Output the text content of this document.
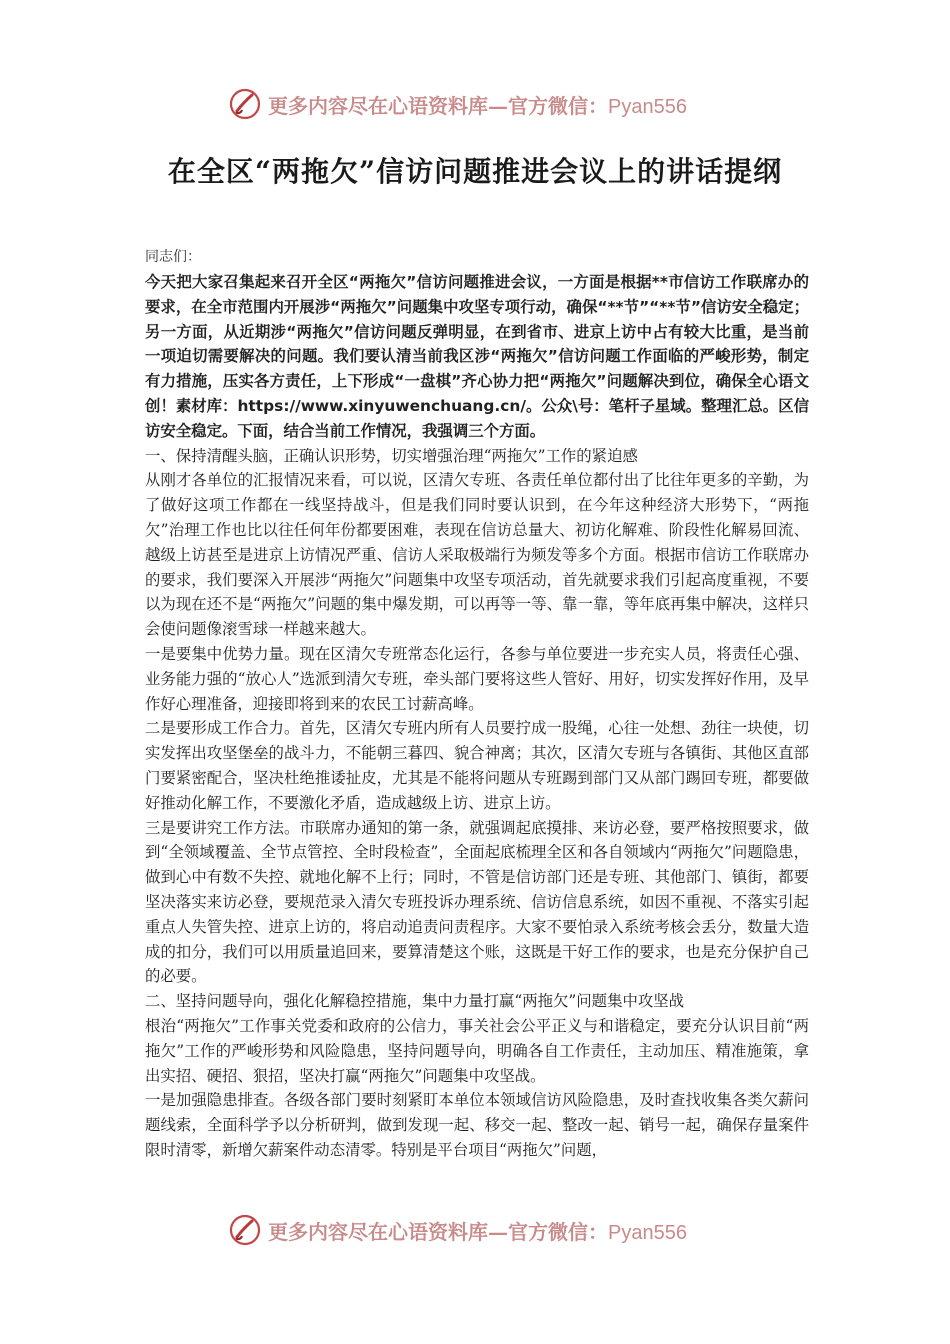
更多内容尽在心语资料库—官方微信：Pyan556
在全区“两拖欠”信访问题推进会议上的讲话提纲

同志们：

今天把大家召集起来召开全区“两拖欠”信访问题推进会议，一方面是根据**市信访工作联席办的要求，在全市范围内开展涉“两拖欠”问题集中攻坚专项行动，确保“**节”“**节”信访安全稳定；另一方面，从近期涉“两拖欠”信访问题反弹明显，在到省市、进京上访中占有较大比重，是当前一项迫切需要解决的问题。我们要认清当前我区涉“两拖欠”信访问题工作面临的严峻形势，制定有力措施，压实各方责任，上下形成“一盘棋”齐心协力把“两拖欠”问题解决到位，确保全心语文创！素材库：https://www.xinyuwenchuang.cn/。公众\号：笔杆子星域。整理汇总。区信访安全稳定。下面，结合当前工作情况，我强调三个方面。

一、保持清醒头脑，正确认识形势，切实增强治理“两拖欠”工作的紧迫感

从刚才各单位的汇报情况来看，可以说，区清欠专班、各责任单位都付出了比往年更多的辛勤，为了做好这项工作都在一线坚持战斗，但是我们同时要认识到，在今年这种经济大形势下，“两拖欠”治理工作也比以往任何年份都要困难，表现在信访总量大、初访化解难、阶段性化解易回流、越级上访甚至是进京上访情况严重、信访人采取极端行为频发等多个方面。根据市信访工作联席办的要求，我们要深入开展涉“两拖欠”问题集中攻坚专项活动，首先就要求我们引起高度重视，不要以为现在还不是“两拖欠”问题的集中爆发期，可以再等一等、靠一靠，等年底再集中解决，这样只会使问题像滚雪球一样越来越大。

一是要集中优势力量。现在区清欠专班常态化运行，各参与单位要进一步充实人员，将责任心强、业务能力强的“放心人”选派到清欠专班，牵头部门要将这些人管好、用好，切实发挥好作用，及早作好心理准备，迎接即将到来的农民工讨薪高峰。

二是要形成工作合力。首先，区清欠专班内所有人员要拧成一股绳，心往一处想、劲往一块使，切实发挥出攻坚堡垒的战斗力，不能朝三暮四、貌合神离；其次，区清欠专班与各镇街、其他区直部门要紧密配合，坚决杜绝推诿扯皮，尤其是不能将问题从专班踢到部门又从部门踢回专班，都要做好推动化解工作，不要激化矛盾，造成越级上访、进京上访。

三是要讲究工作方法。市联席办通知的第一条，就强调起底摸排、来访必登，要严格按照要求，做到“全领域覆盖、全节点管控、全时段检查”，全面起底梳理全区和各自领域内“两拖欠”问题隐患，做到心中有数不失控、就地化解不上行；同时，不管是信访部门还是专班、其他部门、镇街，都要坚决落实来访必登，要规范录入清欠专班投诉办理系统、信访信息系统，如因不重视、不落实引起重点人失管失控、进京上访的，将启动追责问责程序。大家不要怕录入系统考核会丢分，数量大造成的扣分，我们可以用质量追回来，要算清楚这个账，这既是干好工作的要求，也是充分保护自己的必要。

二、坚持问题导向，强化化解稳控措施，集中力量打赢“两拖欠”问题集中攻坚战

根治“两拖欠”工作事关党委和政府的公信力，事关社会公平正义与和谐稳定，要充分认识目前“两拖欠”工作的严峻形势和风险隐患，坚持问题导向，明确各自工作责任，主动加压、精准施策，拿出实招、硬招、狠招，坚决打赢“两拖欠”问题集中攻坚战。

一是加强隐患排查。各级各部门要时刻紧盯本单位本领域信访风险隐患，及时查找收集各类欠薪问题线索，全面科学予以分析研判，做到发现一起、移交一起、整改一起、销号一起，确保存量案件限时清零，新增欠薪案件动态清零。特别是平台项目“两拖欠”问题，

更多内容尽在心语资料库—官方微信：Pyan556
